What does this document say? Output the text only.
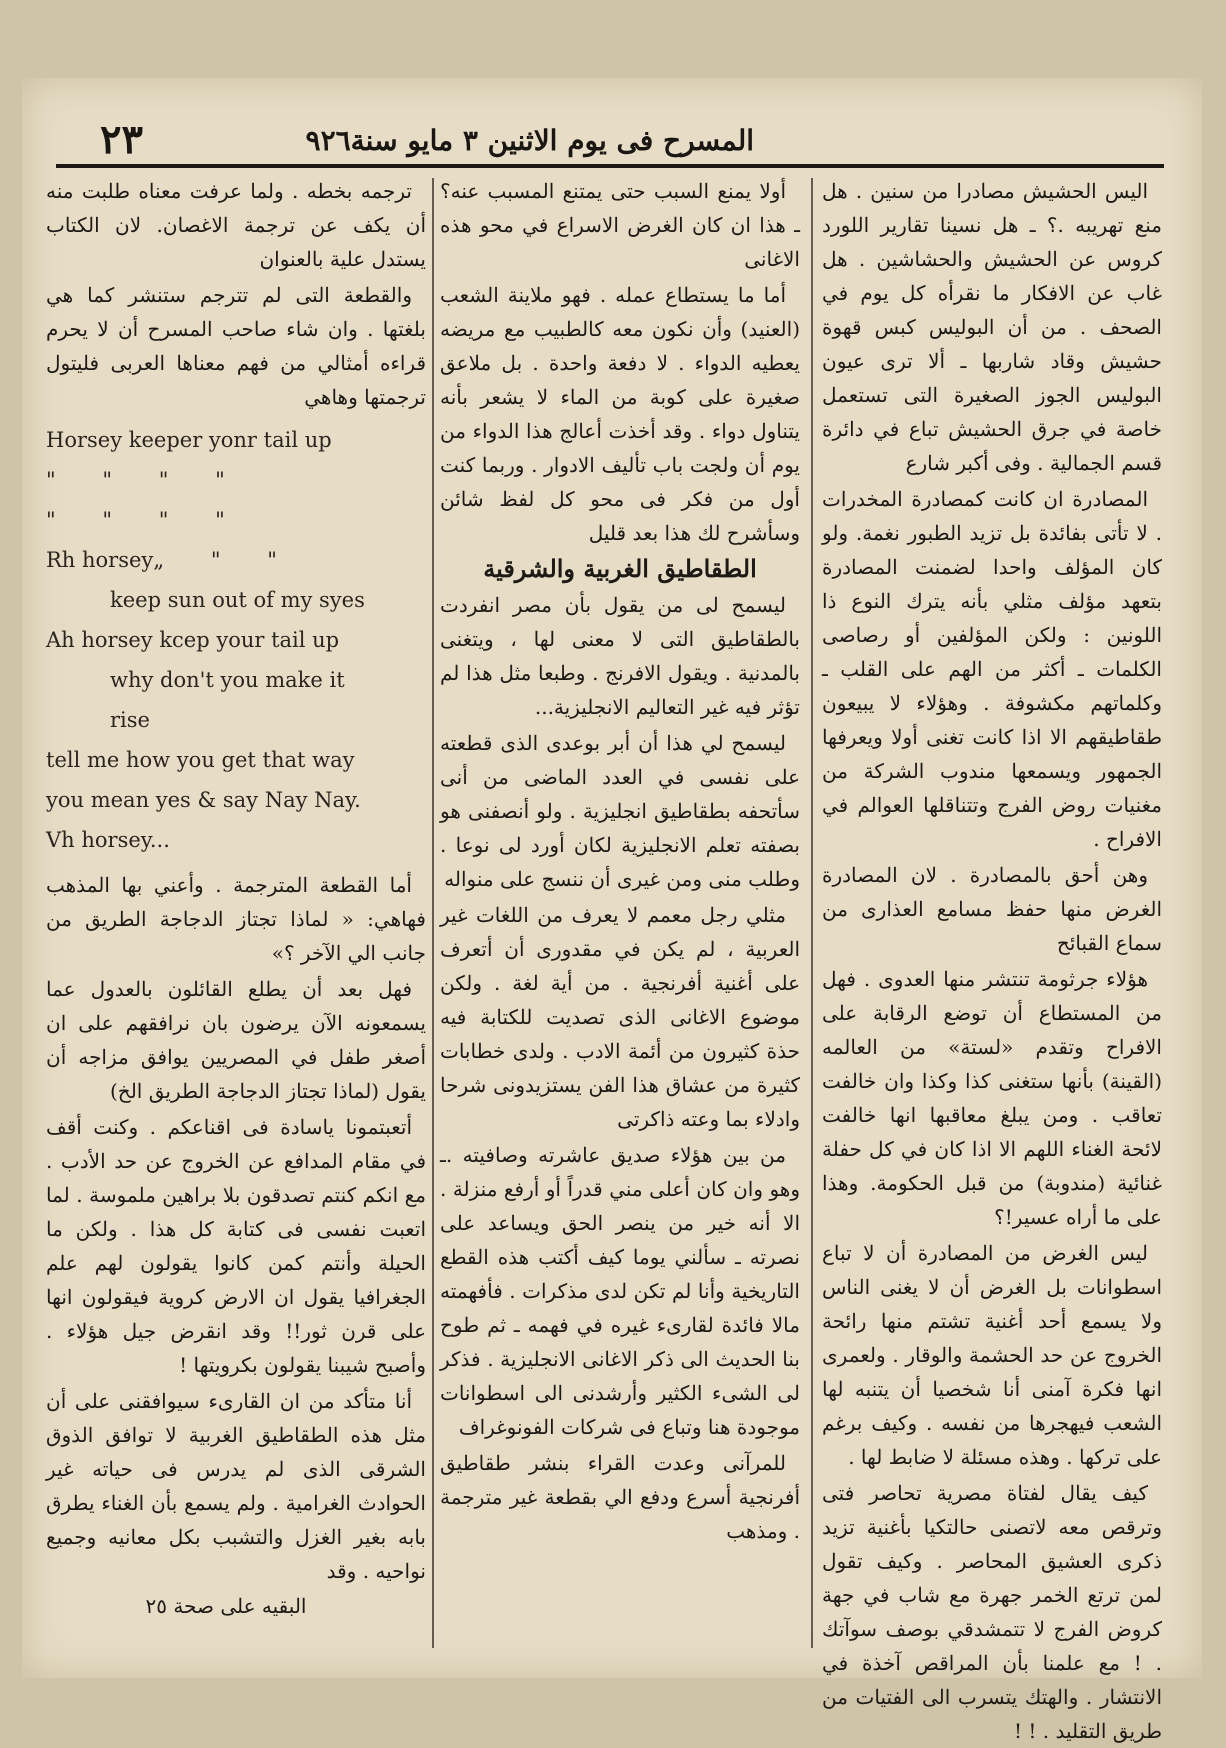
٢٣	المسرح فى يوم الاثنين ٣ مايو سنة٩٢٦

اليس الحشيش مصادرا من سنين . هل منع تهريبه .؟ ـ هل نسينا تقارير اللورد كروس عن الحشيش والحشاشين . هل غاب عن الافكار ما نقرأه كل يوم في الصحف . من أن البوليس كبس قهوة حشيش وقاد شاربها ـ ألا ترى عيون البوليس الجوز الصغيرة التى تستعمل خاصة في جرق الحشيش تباع في دائرة قسم الجمالية . وفى أكبر شارع

المصادرة ان كانت كمصادرة المخدرات . لا تأتى بفائدة بل تزيد الطبور نغمة. ولو كان المؤلف واحدا لضمنت المصادرة بتعهد مؤلف مثلي بأنه يترك النوع ذا اللونين : ولكن المؤلفين أو رصاصى الكلمات ـ أكثر من الهم على القلب ـ وكلماتهم مكشوفة . وهؤلاء لا يبيعون طقاطيقهم الا اذا كانت تغنى أولا ويعرفها الجمهور ويسمعها مندوب الشركة من مغنيات روض الفرج وتتناقلها العوالم في الافراح .

وهن أحق بالمصادرة . لان المصادرة الغرض منها حفظ مسامع العذارى من سماع القبائح

هؤلاء جرثومة تنتشر منها العدوى . فهل من المستطاع أن توضع الرقابة على الافراح وتقدم «لستة» من العالمه (القينة) بأنها ستغنى كذا وكذا وان خالفت تعاقب . ومن يبلغ معاقبها انها خالفت لائحة الغناء اللهم الا اذا كان في كل حفلة غنائية (مندوبة) من قبل الحكومة. وهذا على ما أراه عسير!؟

ليس الغرض من المصادرة أن لا تباع اسطوانات بل الغرض أن لا يغنى الناس ولا يسمع أحد أغنية تشتم منها رائحة الخروج عن حد الحشمة والوقار . ولعمرى انها فكرة آمنى أنا شخصيا أن يتنبه لها الشعب فيهجرها من نفسه . وكيف برغم على تركها . وهذه مسئلة لا ضابط لها .

كيف يقال لفتاة مصرية تحاصر فتى وترقص معه لاتصنى حالتكيا بأغنية تزيد ذكرى العشيق المحاصر . وكيف تقول لمن ترتع الخمر جهرة مع شاب في جهة كروض الفرج لا تتمشدقي بوصف سوآتك . ! مع علمنا بأن المراقص آخذة في الانتشار . والهتك يتسرب الى الفتيات من طريق التقليد . ! !

أولا يمنع السبب حتى يمتنع المسبب عنه؟ ـ هذا ان كان الغرض الاسراع في محو هذه الاغانى

أما ما يستطاع عمله . فهو ملاينة الشعب (العنيد) وأن نكون معه كالطبيب مع مريضه يعطيه الدواء . لا دفعة واحدة . بل ملاعق صغيرة على كوبة من الماء لا يشعر بأنه يتناول دواء . وقد أخذت أعالج هذا الدواء من يوم أن ولجت باب تأليف الادوار . وربما كنت أول من فكر فى محو كل لفظ شائن وسأشرح لك هذا بعد قليل

الطقاطيق الغربية والشرقية

ليسمح لى من يقول بأن مصر انفردت بالطقاطيق التى لا معنى لها ، ويتغنى بالمدنية . ويقول الافرنج . وطبعا مثل هذا لم تؤثر فيه غير التعاليم الانجليزية...

ليسمح لي هذا أن أبر بوعدى الذى قطعته على نفسى في العدد الماضى من أنى سأتحفه بطقاطيق انجليزية . ولو أنصفنى هو بصفته تعلم الانجليزية لكان أورد لى نوعا . وطلب منى ومن غيرى أن ننسج على منواله

مثلي رجل معمم لا يعرف من اللغات غير العربية ، لم يكن في مقدورى أن أتعرف على أغنية أفرنجية . من أية لغة . ولكن موضوع الاغانى الذى تصديت للكتابة فيه حذة كثيرون من أئمة الادب . ولدى خطابات كثيرة من عشاق هذا الفن يستزيدونى شرحا وادلاء بما وعته ذاكرتى

من بين هؤلاء صديق عاشرته وصافيته .ـ وهو وان كان أعلى مني قدراً أو أرفع منزلة . الا أنه خير من ينصر الحق ويساعد على نصرته ـ سألني يوما كيف أكتب هذه القطع التاريخية وأنا لم تكن لدى مذكرات . فأفهمته مالا فائدة لقارىء غيره في فهمه ـ ثم طوح بنا الحديث الى ذكر الاغانى الانجليزية . فذكر لى الشىء الكثير وأرشدنى الى اسطوانات موجودة هنا وتباع فى شركات الفونوغراف

للمرآنى وعدت القراء بنشر طقاطيق أفرنجية أسرع ودفع الي بقطعة غير مترجمة . ومذهب

ترجمه بخطه . ولما عرفت معناه طلبت منه أن يكف عن ترجمة الاغصان. لان الكتاب يستدل علية بالعنوان

والقطعة التى لم تترجم ستنشر كما هي بلغتها . وان شاء صاحب المسرح أن لا يحرم قراءه أمثالي من فهم معناها العربى فليتول ترجمتها وهاهي

Horsey keeper yonr tail up
"       "       "       "
"       "       "       "
Rh horsey„       "       "
keep sun out of my syes
Ah horsey kcep your tail up
why don't you make it
rise
tell me how you get that way
you mean yes & say Nay Nay.
Vh horsey...

أما القطعة المترجمة . وأعني بها المذهب فهاهي: « لماذا تجتاز الدجاجة الطريق من جانب الي الآخر ؟»

فهل بعد أن يطلع القائلون بالعدول عما يسمعونه الآن يرضون بان نرافقهم على ان أصغر طفل في المصريين يوافق مزاجه أن يقول (لماذا تجتاز الدجاجة الطريق الخ)

أتعبتمونا ياسادة فى اقناعكم . وكنت أقف في مقام المدافع عن الخروج عن حد الأدب . مع انكم كنتم تصدقون بلا براهين ملموسة . لما اتعبت نفسى فى كتابة كل هذا . ولكن ما الحيلة وأنتم كمن كانوا يقولون لهم علم الجغرافيا يقول ان الارض كروية فيقولون انها على قرن ثور!! وقد انقرض جيل هؤلاء . وأصبح شيبنا يقولون بكرويتها !

أنا متأكد من ان القارىء سيوافقنى على أن مثل هذه الطقاطيق الغربية لا توافق الذوق الشرقى الذى لم يدرس فى حياته غير الحوادث الغرامية . ولم يسمع بأن الغناء يطرق بابه بغير الغزل والتشبب بكل معانيه وجميع نواحيه . وقد

البقيه على صحة ٢٥
